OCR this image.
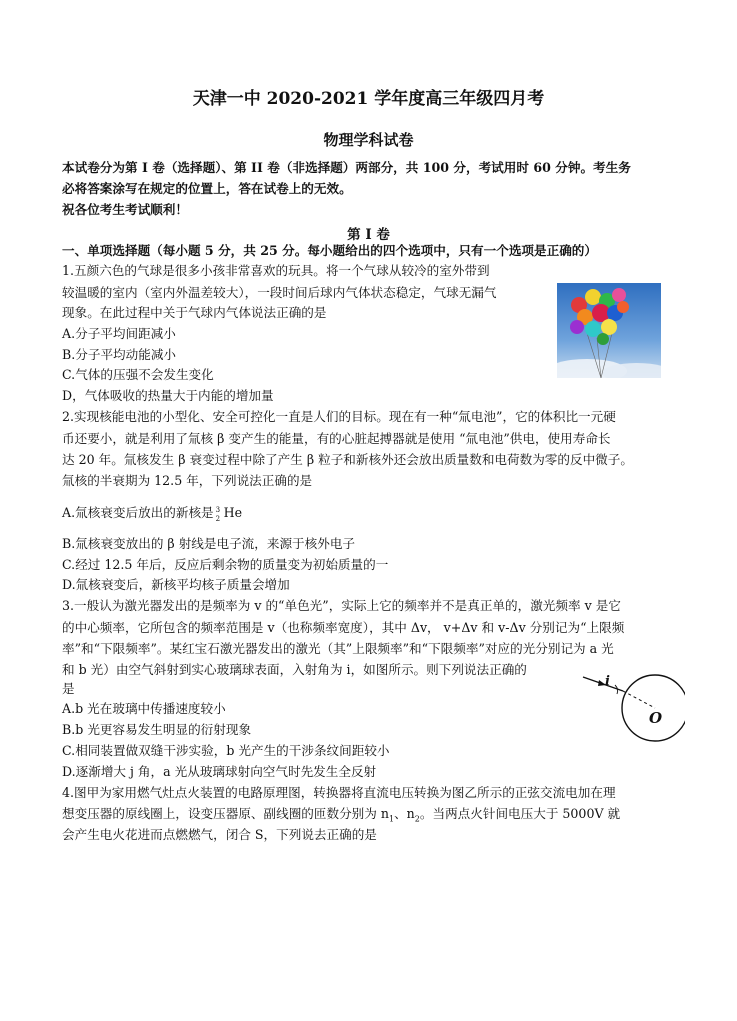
天津一中 2020-2021 学年度高三年级四月考
物理学科试卷
本试卷分为第 I 卷（选择题）、第 II 卷（非选择题）两部分，共 100 分，考试用时 60 分钟。考生务
必将答案涂写在规定的位置上，答在试卷上的无效。
祝各位考生考试顺利！
第 I 卷
一、单项选择题（每小题 5 分，共 25 分。每小题给出的四个选项中，只有一个选项是正确的）
1.五颜六色的气球是很多小孩非常喜欢的玩具。将一个气球从较冷的室外带到
较温暖的室内（室内外温差较大），一段时间后球内气体状态稳定，气球无漏气
现象。在此过程中关于气球内气体说法正确的是
A.分子平均间距减小
B.分子平均动能减小
C.气体的压强不会发生变化
D，气体吸收的热量大于内能的增加量
2.实现核能电池的小型化、安全可控化一直是人们的目标。现在有一种“氚电池”，它的体积比一元硬
币还要小，就是利用了氚核 β 变产生的能量，有的心脏起搏器就是使用 “氚电池”供电，使用寿命长
达 20 年。氚核发生 β 衰变过程中除了产生 β 粒子和新核外还会放出质量数和电荷数为零的反中微子。
氚核的半衰期为 12.5 年，下列说法正确的是
A.氚核衰变后放出的新核是 3
2 He
B.氚核衰变放出的 β 射线是电子流，来源于核外电子
C.经过 12.5 年后，反应后剩余物的质量变为初始质量的一
D.氚核衰变后，新核平均核子质量会增加
3.一般认为激光器发出的是频率为 v 的“单色光”，实际上它的频率并不是真正单的，激光频率 v 是它
的中心频率，它所包含的频率范围是 v（也称频率宽度），其中 Δv， v+Δv 和 v-Δv 分别记为“上限频
率”和“下限频率”。某红宝石激光器发出的激光（其”上限频率”和“下限频率”对应的光分别记为 a 光
和 b 光）由空气斜射到实心玻璃球表面，入射角为 i，如图所示。则下列说法正确的
是
A.b 光在玻璃中传播速度较小
B.b 光更容易发生明显的衍射现象
C.相同装置做双缝干涉实验，b 光产生的干涉条纹间距较小
D.逐渐增大 j 角，a 光从玻璃球射向空气时先发生全反射
i
O
4.图甲为家用燃气灶点火装置的电路原理图，转换器将直流电压转换为图乙所示的正弦交流电加在理
想变压器的原线圈上，设变压器原、副线圈的匝数分别为 $n_1$、$n_2$。当两点火针间电压大于 5000V 就
会产生电火花进而点燃燃气，闭合 S，下列说去正确的是
